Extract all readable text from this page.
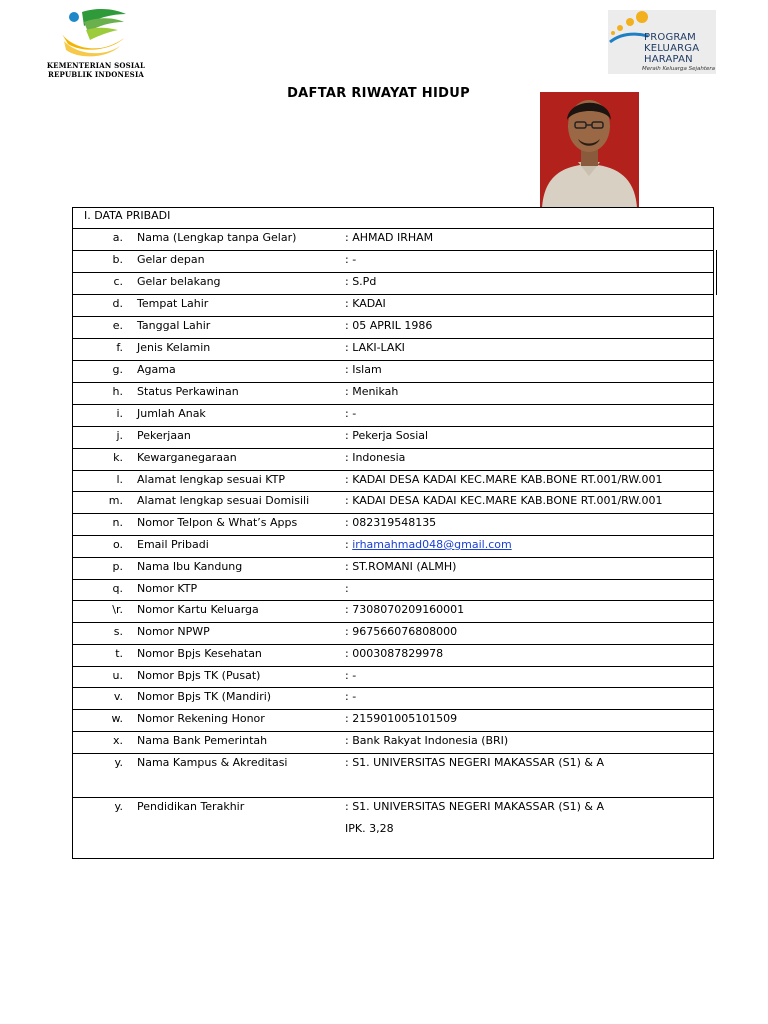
KEMENTERIAN SOSIAL
REPUBLIK INDONESIA
PROGRAM
KELUARGA
HARAPAN
Meraih Keluarga Sejahtera
DAFTAR RIWAYAT HIDUP
I. DATA PRIBADI
a. Nama (Lengkap tanpa Gelar)	: AHMAD IRHAM
b. Gelar depan	: -
c. Gelar belakang	: S.Pd
d. Tempat Lahir	: KADAI
e. Tanggal Lahir	: 05 APRIL 1986
f. Jenis Kelamin	: LAKI-LAKI
g. Agama	: Islam
h. Status Perkawinan	: Menikah
i. Jumlah Anak	: -
j. Pekerjaan	: Pekerja Sosial
k. Kewarganegaraan	: Indonesia
l. Alamat lengkap sesuai KTP	: KADAI DESA KADAI KEC.MARE KAB.BONE RT.001/RW.001
m. Alamat lengkap sesuai Domisili	: KADAI DESA KADAI KEC.MARE KAB.BONE RT.001/RW.001
n. Nomor Telpon & What’s Apps	: 082319548135
o. Email Pribadi	: irhamahmad048@gmail.com
p. Nama Ibu Kandung	: ST.ROMANI (ALMH)
q. Nomor KTP	:
\r. Nomor Kartu Keluarga	: 7308070209160001
s. Nomor NPWP	: 967566076808000
t. Nomor Bpjs Kesehatan	: 0003087829978
u. Nomor Bpjs TK (Pusat)	: -
v. Nomor Bpjs TK (Mandiri)	: -
w. Nomor Rekening Honor	: 215901005101509
x. Nama Bank Pemerintah	: Bank Rakyat Indonesia (BRI)
y. Nama Kampus & Akreditasi	: S1. UNIVERSITAS NEGERI MAKASSAR (S1) & A
y. Pendidikan Terakhir	: S1. UNIVERSITAS NEGERI MAKASSAR (S1) & A
IPK. 3,28
